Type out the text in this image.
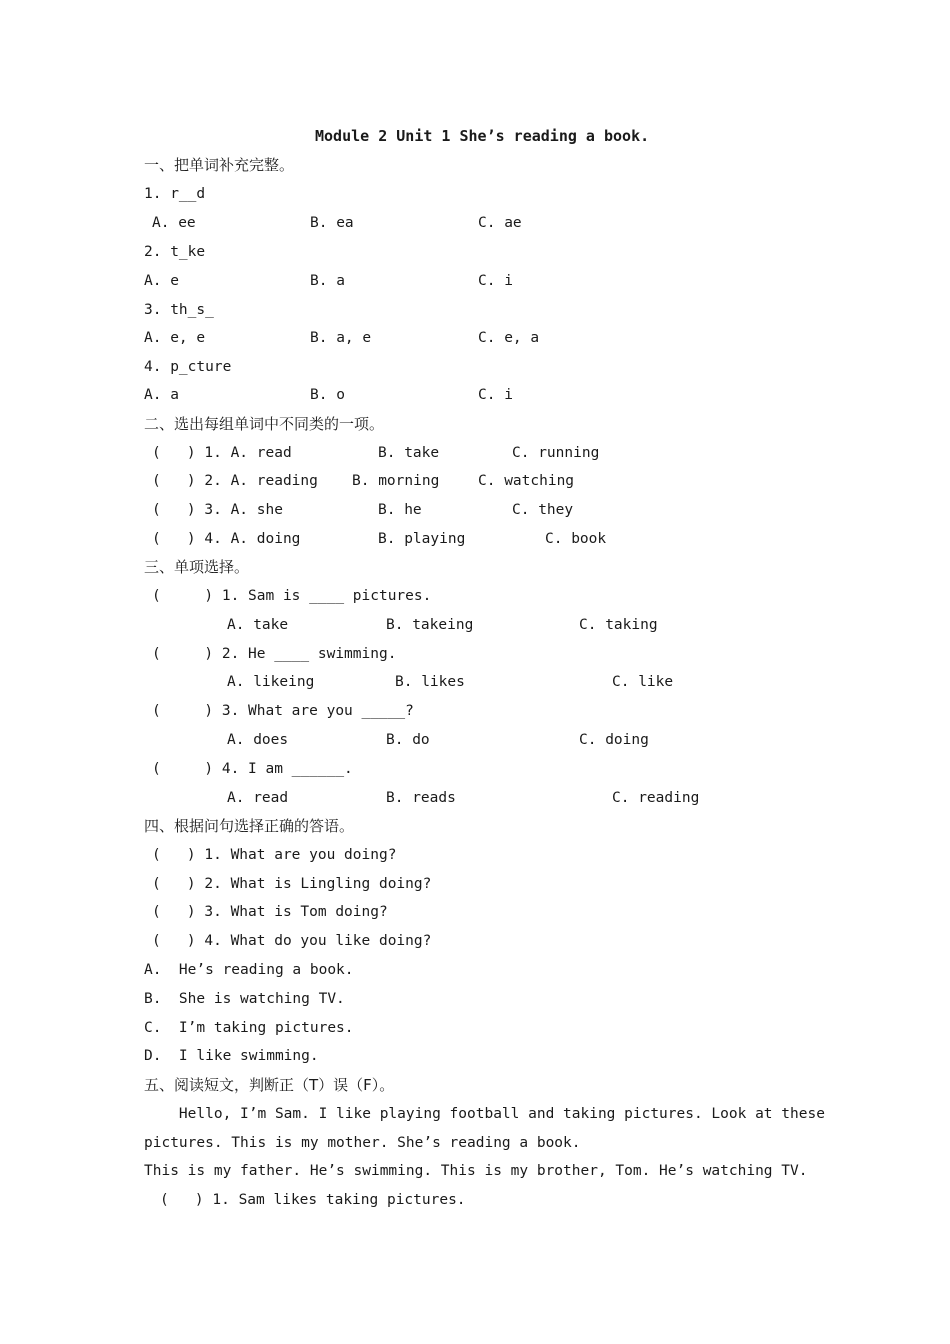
Module 2 Unit 1 She’s reading a book.
一、把单词补充完整。
1. r__d
A. ee	B. ea	C. ae
2. t_ke
A. e	B. a	C. i
3. th_s_
A. e, e	B. a, e	C. e, a
4. p_cture
A. a	B. o	C. i
二、选出每组单词中不同类的一项。
(   ) 1. A. read	B. take	C. running
(   ) 2. A. reading B. morning	C. watching
(   ) 3. A. she	B. he	C. they
(   ) 4. A. doing	B. playing	C. book
三、单项选择。
(     ) 1. Sam is ____ pictures.
A. take	B. takeing	C. taking
(     ) 2. He ____ swimming.
A. likeing	B. likes	C. like
(     ) 3. What are you _____?
A. does	B. do	C. doing
(     ) 4. I am ______.
A. read	B. reads	C. reading
四、根据问句选择正确的答语。
(   ) 1. What are you doing?
(   ) 2. What is Lingling doing?
(   ) 3. What is Tom doing?
(   ) 4. What do you like doing?
A.  He’s reading a book.
B.  She is watching TV.
C.  I’m taking pictures.
D.  I like swimming.
五、阅读短文，判断正（T）误（F）。
Hello, I’m Sam. I like playing football and taking pictures. Look at these
pictures. This is my mother. She’s reading a book.
This is my father. He’s swimming. This is my brother, Tom. He’s watching TV.
(   ) 1. Sam likes taking pictures.
